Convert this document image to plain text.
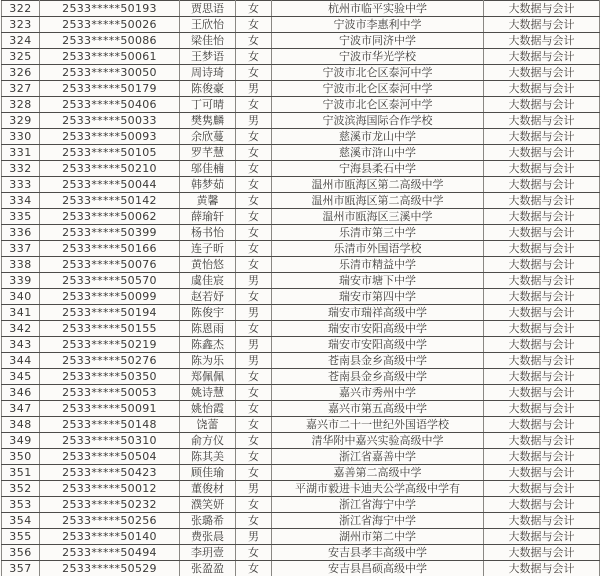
322	2533*****50193	贾思语	女	杭州市临平实验中学	大数据与会计
323	2533*****50026	王欣怡	女	宁波市李惠利中学	大数据与会计
324	2533*****50086	梁佳怡	女	宁波市同济中学	大数据与会计
325	2533*****50061	王梦语	女	宁波市华光学校	大数据与会计
326	2533*****30050	周诗琦	女	宁波市北仑区泰河中学	大数据与会计
327	2533*****50179	陈俊豪	男	宁波市北仑区泰河中学	大数据与会计
328	2533*****50406	丁可晴	女	宁波市北仑区泰河中学	大数据与会计
329	2533*****50033	樊隽麟	男	宁波滨海国际合作学校	大数据与会计
330	2533*****50093	余欣蔓	女	慈溪市龙山中学	大数据与会计
331	2533*****50105	罗芊慧	女	慈溪市浒山中学	大数据与会计
332	2533*****50210	邬佳楠	女	宁海县柔石中学	大数据与会计
333	2533*****50044	韩梦茹	女	温州市瓯海区第二高级中学	大数据与会计
334	2533*****50142	黄馨	女	温州市瓯海区第二高级中学	大数据与会计
335	2533*****50062	薛瑜轩	女	温州市瓯海区三溪中学	大数据与会计
336	2533*****50399	杨书怡	女	乐清市第三中学	大数据与会计
337	2533*****50166	连子昕	女	乐清市外国语学校	大数据与会计
338	2533*****50076	黄怡悠	女	乐清市精益中学	大数据与会计
339	2533*****50570	虞佳宸	男	瑞安市塘下中学	大数据与会计
340	2533*****50099	赵若妤	女	瑞安市第四中学	大数据与会计
341	2533*****50194	陈俊宇	男	瑞安市瑞祥高级中学	大数据与会计
342	2533*****50155	陈恩雨	女	瑞安市安阳高级中学	大数据与会计
343	2533*****50219	陈鑫杰	男	瑞安市安阳高级中学	大数据与会计
344	2533*****50276	陈为乐	男	苍南县金乡高级中学	大数据与会计
345	2533*****50350	郑佩佩	女	苍南县金乡高级中学	大数据与会计
346	2533*****50053	姚诗慧	女	嘉兴市秀州中学	大数据与会计
347	2533*****50091	姚怡霞	女	嘉兴市第五高级中学	大数据与会计
348	2533*****50148	饶蕾	女	嘉兴市二十一世纪外国语学校	大数据与会计
349	2533*****50310	俞方仪	女	清华附中嘉兴实验高级中学	大数据与会计
350	2533*****50504	陈其美	女	浙江省嘉善中学	大数据与会计
351	2533*****50423	顾佳瑜	女	嘉善第二高级中学	大数据与会计
352	2533*****50012	董俊材	男	平湖市毅进卡迪夫公学高级中学有	大数据与会计
353	2533*****50232	濮笑妍	女	浙江省海宁中学	大数据与会计
354	2533*****50256	张璐希	女	浙江省海宁中学	大数据与会计
355	2533*****50140	费张晨	男	湖州市第二中学	大数据与会计
356	2533*****50494	李玥壹	女	安吉县孝丰高级中学	大数据与会计
357	2533*****50529	张盈盈	女	安吉县昌硕高级中学	大数据与会计
